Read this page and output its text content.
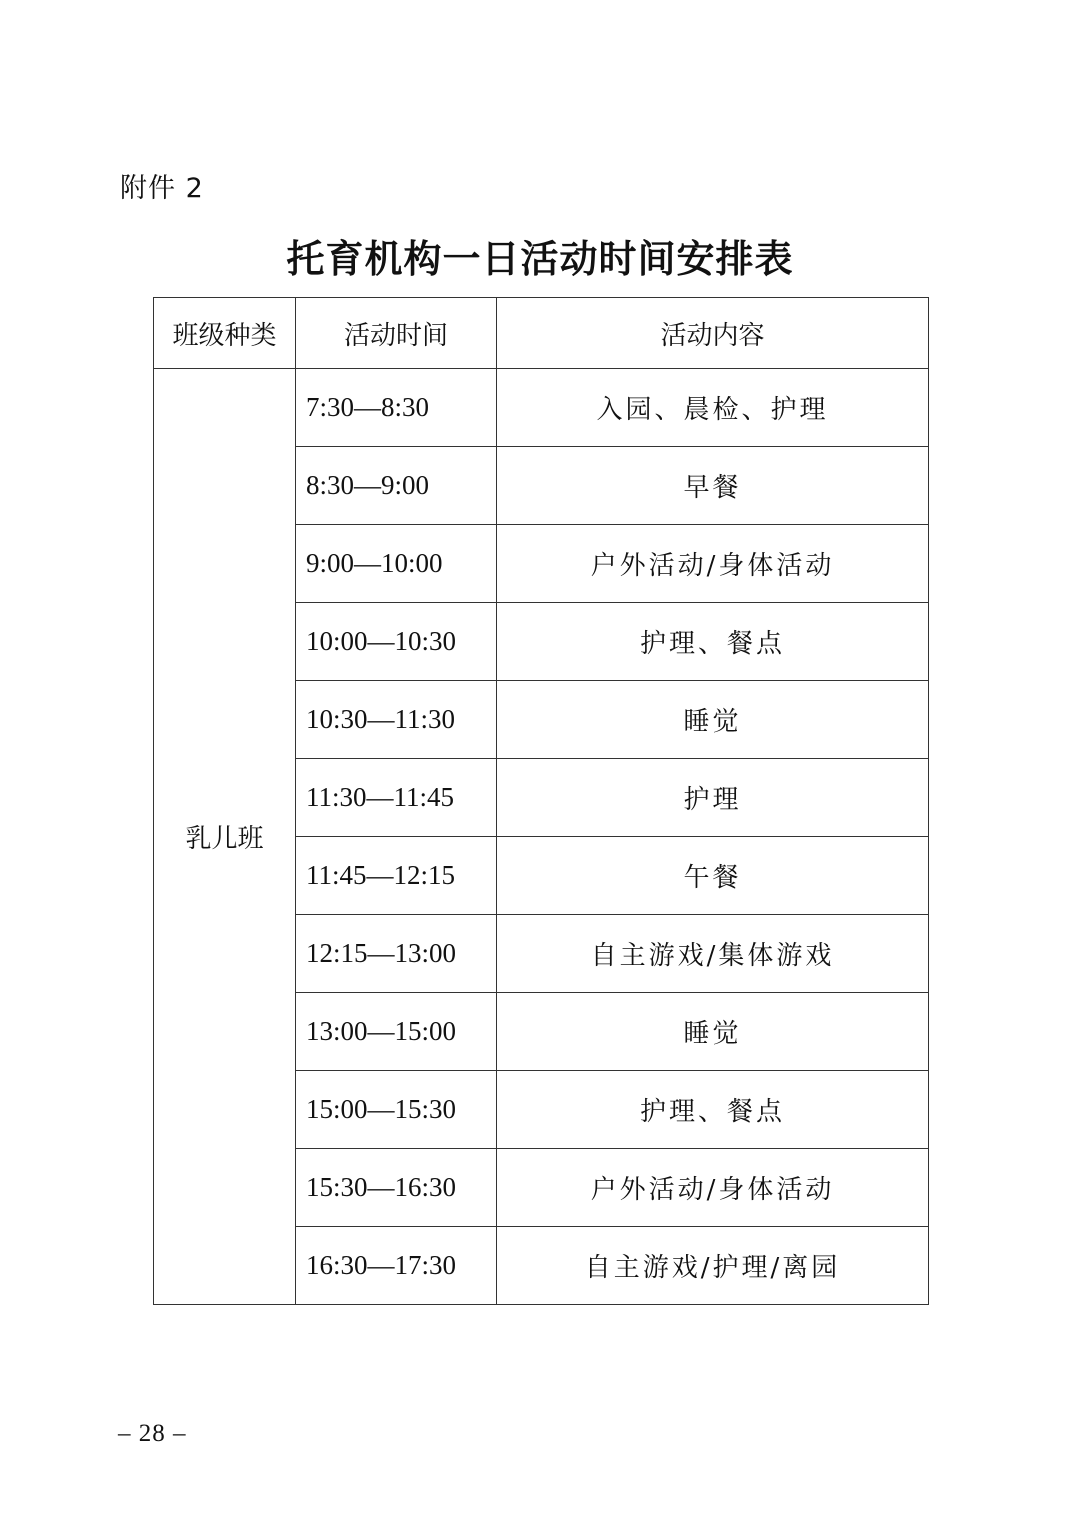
附件 2
托育机构一日活动时间安排表
班级种类	活动时间	活动内容
乳儿班	7:30—8:30	入园、晨检、护理
	8:30—9:00	早餐
	9:00—10:00	户外活动/身体活动
	10:00—10:30	护理、餐点
	10:30—11:30	睡觉
	11:30—11:45	护理
	11:45—12:15	午餐
	12:15—13:00	自主游戏/集体游戏
	13:00—15:00	睡觉
	15:00—15:30	护理、餐点
	15:30—16:30	户外活动/身体活动
	16:30—17:30	自主游戏/护理/离园
– 28 –
